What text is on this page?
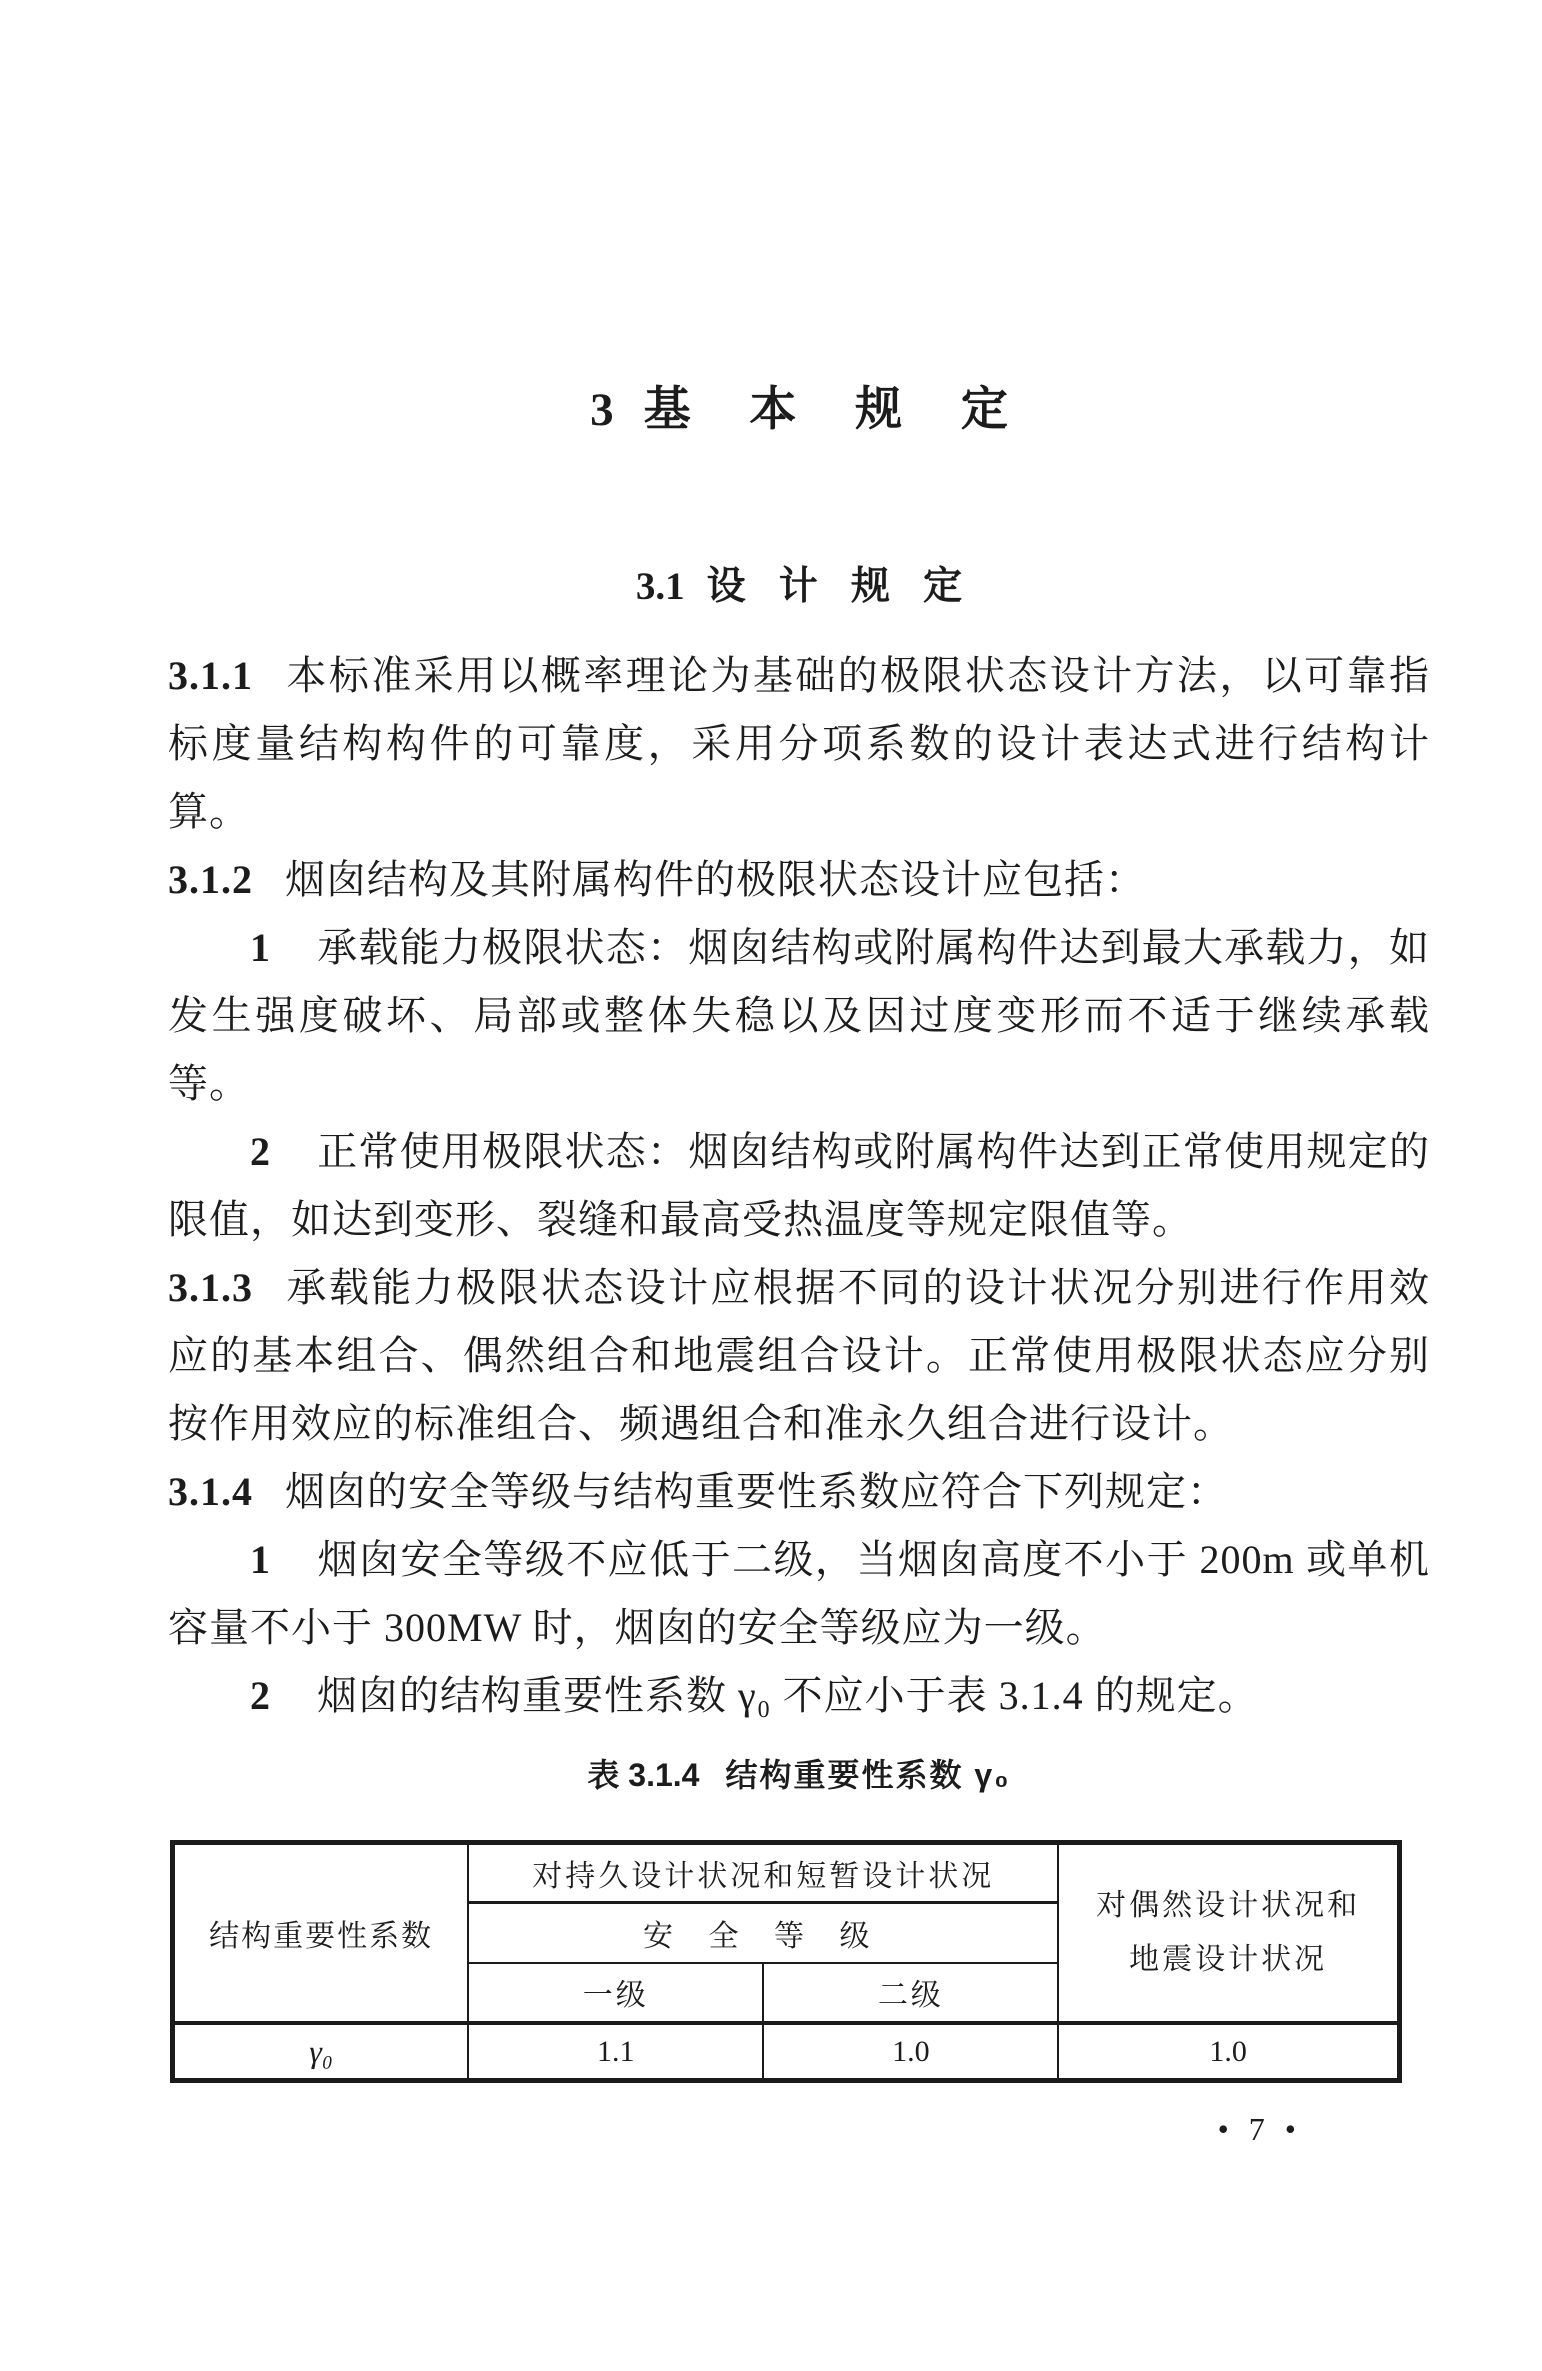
3 基 本 规 定
3.1 设 计 规 定

3.1.1 本标准采用以概率理论为基础的极限状态设计方法，以可靠指标度量结构构件的可靠度，采用分项系数的设计表达式进行结构计算。

3.1.2 烟囱结构及其附属构件的极限状态设计应包括：

1 承载能力极限状态：烟囱结构或附属构件达到最大承载力，如发生强度破坏、局部或整体失稳以及因过度变形而不适于继续承载等。

2 正常使用极限状态：烟囱结构或附属构件达到正常使用规定的限值，如达到变形、裂缝和最高受热温度等规定限值等。

3.1.3 承载能力极限状态设计应根据不同的设计状况分别进行作用效应的基本组合、偶然组合和地震组合设计。正常使用极限状态应分别按作用效应的标准组合、频遇组合和准永久组合进行设计。

3.1.4 烟囱的安全等级与结构重要性系数应符合下列规定：

1 烟囱安全等级不应低于二级，当烟囱高度不小于 200m 或单机容量不小于 300MW 时，烟囱的安全等级应为一级。

2 烟囱的结构重要性系数 γ₀ 不应小于表 3.1.4 的规定。

表 3.1.4 结构重要性系数 γ₀
结构重要性系数	对持久设计状况和短暂设计状况		对偶然设计状况和
地震设计状况
	安 全 等 级		
	一级	二级	
γ₀	1.1	1.0	1.0
• 7 •
